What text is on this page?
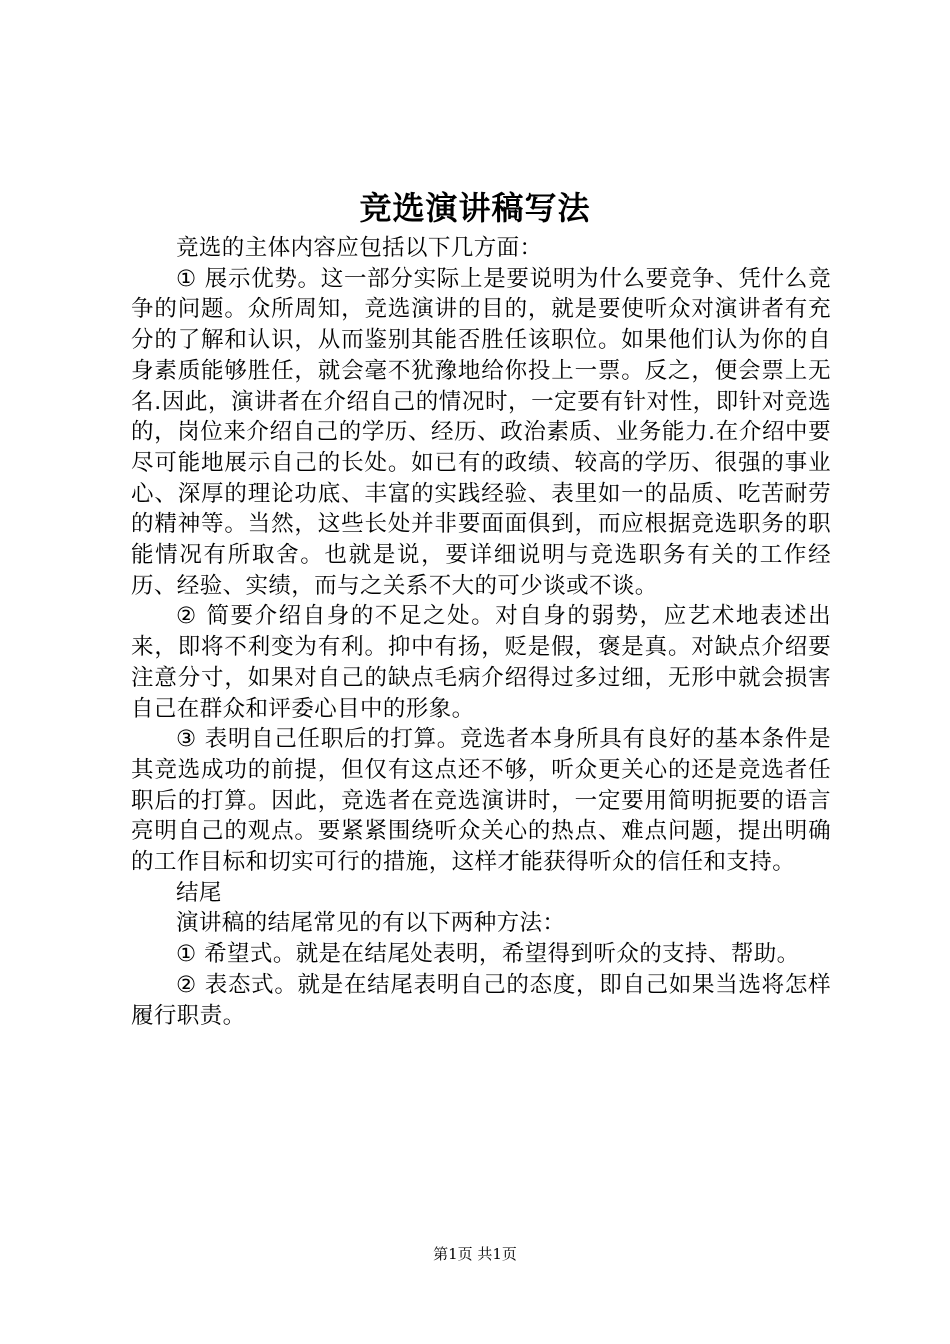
竞选演讲稿写法

竞选的主体内容应包括以下几方面：

① 展示优势。这一部分实际上是要说明为什么要竞争、凭什么竞争的问题。众所周知，竞选演讲的目的，就是要使听众对演讲者有充分的了解和认识，从而鉴别其能否胜任该职位。如果他们认为你的自身素质能够胜任，就会毫不犹豫地给你投上一票。反之，便会票上无名.因此，演讲者在介绍自己的情况时，一定要有针对性，即针对竞选的，岗位来介绍自己的学历、经历、政治素质、业务能力.在介绍中要尽可能地展示自己的长处。如已有的政绩、较高的学历、很强的事业心、深厚的理论功底、丰富的实践经验、表里如一的品质、吃苦耐劳的精神等。当然，这些长处并非要面面俱到，而应根据竞选职务的职能情况有所取舍。也就是说，要详细说明与竞选职务有关的工作经历、经验、实绩，而与之关系不大的可少谈或不谈。

② 简要介绍自身的不足之处。对自身的弱势，应艺术地表述出来，即将不利变为有利。抑中有扬，贬是假，褒是真。对缺点介绍要注意分寸，如果对自己的缺点毛病介绍得过多过细，无形中就会损害自己在群众和评委心目中的形象。

③ 表明自己任职后的打算。竞选者本身所具有良好的基本条件是其竞选成功的前提，但仅有这点还不够，听众更关心的还是竞选者任职后的打算。因此，竞选者在竞选演讲时，一定要用简明扼要的语言亮明自己的观点。要紧紧围绕听众关心的热点、难点问题，提出明确的工作目标和切实可行的措施，这样才能获得听众的信任和支持。

结尾

演讲稿的结尾常见的有以下两种方法：

① 希望式。就是在结尾处表明，希望得到听众的支持、帮助。

② 表态式。就是在结尾表明自己的态度，即自己如果当选将怎样履行职责。

第1页 共1页
